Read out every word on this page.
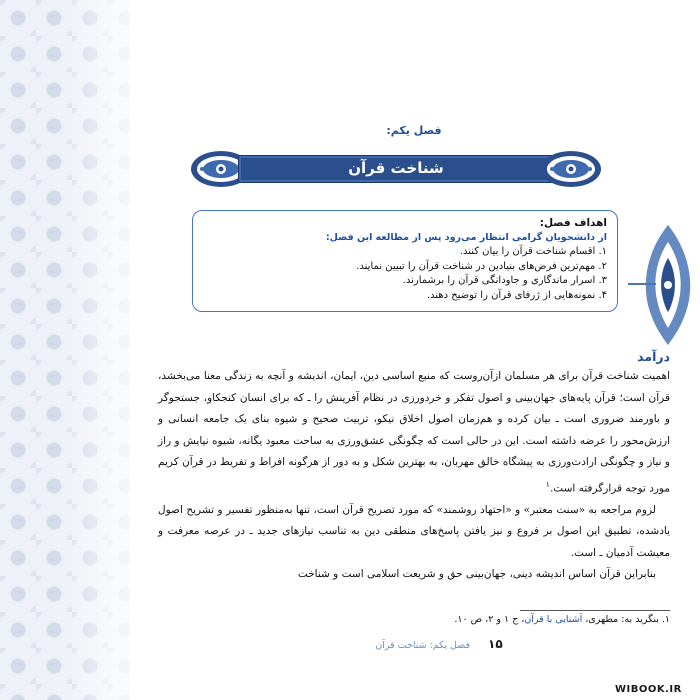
فصل یکم:
شناخت قرآن
اهداف فصل:
از دانشجویان گرامی انتظار می‌رود پس از مطالعه این فصل:
۱. اقسام شناخت قرآن را بیان کنند.
۲. مهم‌ترین فرض‌های بنیادین در شناخت قرآن را تبیین نمایند.
۳. اسرار ماندگاری و جاودانگی قرآن را برشمارند.
۴. نمونه‌هایی از ژرفای قرآن را توضیح دهند.
درآمد

اهمیت شناخت قرآن برای هر مسلمان ازآن‌روست که منبع اساسی دین، ایمان، اندیشه و آنچه به زندگی معنا می‌بخشد، قرآن است؛ قرآن پایه‌های جهان‌بینی و اصول تفکر و خردورزی در نظام آفرینش را ـ که برای انسان کنجکاو، جستجوگر و باورمند ضروری است ـ بیان کرده و هم‌زمان اصول اخلاق نیکو، تربیت صحیح و شیوه بنای یک جامعه انسانی و ارزش‌محور را عرضه داشته است. این در حالی است که چگونگی عشق‌ورزی به ساحت معبود یگانه، شیوه نیایش و راز و نیاز و چگونگی ارادت‌ورزی به پیشگاه خالق مهربان، به بهترین شکل و به دور از هرگونه افراط و تفریط در قرآن کریم مورد توجه قرارگرفته است.$^۱$

لزوم مراجعه به «سنت معتبر» و «اجتهاد روشمند» که مورد تصریح قرآن است، تنها به‌منظور تفسیر و تشریح اصول یادشده، تطبیق این اصول بر فروع و نیز یافتن پاسخ‌های منطقی دین به تناسب نیازهای جدید ـ در عرصه معرفت و معیشت آدمیان ـ است.

بنابراین قرآن اساس اندیشه دینی، جهان‌بینی حق و شریعت اسلامی است و شناخت

۱. بنگرید به: مطهری، آشنایی با قرآن، ج ۱ و ۲، ص ۱۰.
فصل یکم: شناخت قرآن ۱۵
WIBOOK.IR
